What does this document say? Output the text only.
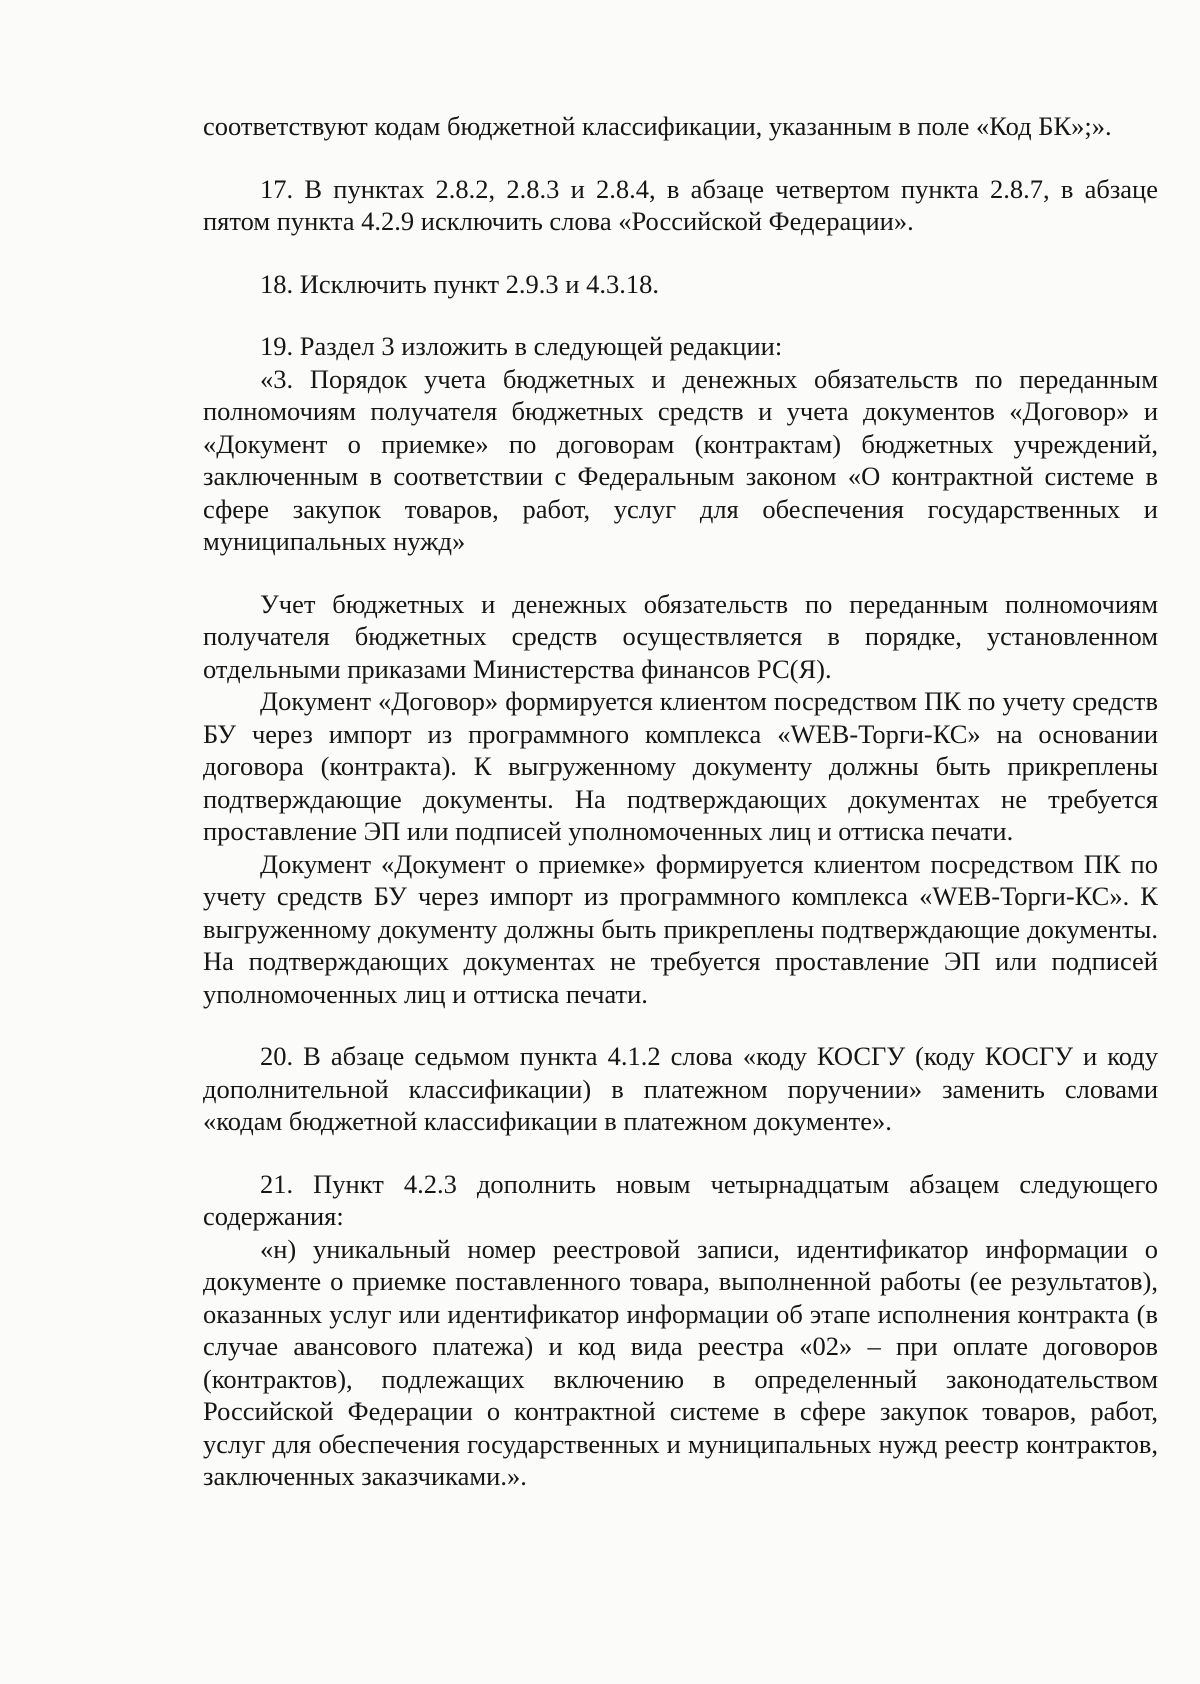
соответствуют кодам бюджетной классификации, указанным в поле «Код БК»;».

17. В пунктах 2.8.2, 2.8.3 и 2.8.4, в абзаце четвертом пункта 2.8.7, в абзаце пятом пункта 4.2.9 исключить слова «Российской Федерации».

18. Исключить пункт 2.9.3 и 4.3.18.

19. Раздел 3 изложить в следующей редакции:

«3. Порядок учета бюджетных и денежных обязательств по переданным полномочиям получателя бюджетных средств и учета документов «Договор» и «Документ о приемке» по договорам (контрактам) бюджетных учреждений, заключенным в соответствии с Федеральным законом «О контрактной системе в сфере закупок товаров, работ, услуг для обеспечения государственных и муниципальных нужд»

Учет бюджетных и денежных обязательств по переданным полномочиям получателя бюджетных средств осуществляется в порядке, установленном отдельными приказами Министерства финансов РС(Я).

Документ «Договор» формируется клиентом посредством ПК по учету средств БУ через импорт из программного комплекса «WEB-Торги-КС» на основании договора (контракта). К выгруженному документу должны быть прикреплены подтверждающие документы. На подтверждающих документах не требуется проставление ЭП или подписей уполномоченных лиц и оттиска печати.

Документ «Документ о приемке» формируется клиентом посредством ПК по учету средств БУ через импорт из программного комплекса «WEB-Торги-КС». К выгруженному документу должны быть прикреплены подтверждающие документы. На подтверждающих документах не требуется проставление ЭП или подписей уполномоченных лиц и оттиска печати.

20. В абзаце седьмом пункта 4.1.2 слова «коду КОСГУ (коду КОСГУ и коду дополнительной классификации) в платежном поручении» заменить словами «кодам бюджетной классификации в платежном документе».

21. Пункт 4.2.3 дополнить новым четырнадцатым абзацем следующего содержания:

«н) уникальный номер реестровой записи, идентификатор информации о документе о приемке поставленного товара, выполненной работы (ее результатов), оказанных услуг или идентификатор информации об этапе исполнения контракта (в случае авансового платежа) и код вида реестра «02» – при оплате договоров (контрактов), подлежащих включению в определенный законодательством Российской Федерации о контрактной системе в сфере закупок товаров, работ, услуг для обеспечения государственных и муниципальных нужд реестр контрактов, заключенных заказчиками.».
